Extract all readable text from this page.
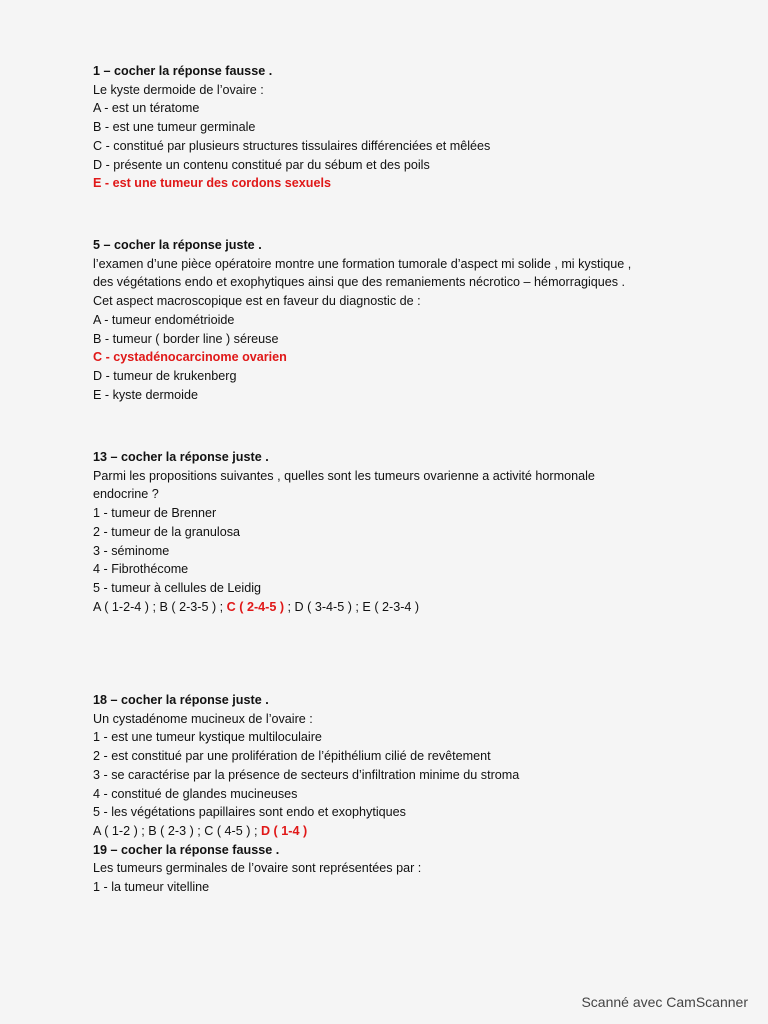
1 – cocher la réponse fausse .
Le kyste dermoide de l’ovaire :
A - est un tératome
B - est une tumeur germinale
C - constitué par plusieurs structures tissulaires différenciées et mêlées
D - présente un contenu constitué par du sébum et des poils
E - est une tumeur des cordons sexuels
5 – cocher la réponse juste .
l’examen d’une pièce opératoire montre une formation tumorale d’aspect mi solide , mi kystique ,
des végétations endo et exophytiques ainsi que des remaniements nécrotico – hémorragiques .
Cet aspect macroscopique est en faveur du diagnostic de :
A - tumeur endométrioide
B - tumeur ( border line ) séreuse
C - cystadénocarcinome ovarien
D - tumeur de krukenberg
E - kyste dermoide
13 – cocher la réponse juste .
Parmi les propositions suivantes , quelles sont les tumeurs ovarienne a activité hormonale
endocrine ?
1 - tumeur de Brenner
2 - tumeur de la granulosa
3 - séminome
4 - Fibrothécome
5 - tumeur à cellules de Leidig
A ( 1-2-4 ) ; B ( 2-3-5 ) ; C ( 2-4-5 ) ; D ( 3-4-5 ) ; E ( 2-3-4 )
18 – cocher la réponse juste .
Un cystadénome mucineux de l’ovaire :
1 - est une tumeur kystique multiloculaire
2 - est constitué par une prolifération de l’épithélium cilié de revêtement
3 - se caractérise par la présence de secteurs d’infiltration minime du stroma
4 - constitué de glandes mucineuses
5 - les végétations papillaires sont endo et exophytiques
A ( 1-2 ) ; B ( 2-3 ) ; C ( 4-5 ) ; D ( 1-4 )
19 – cocher la réponse fausse .
Les tumeurs germinales de l’ovaire sont représentées par :
1 - la tumeur vitelline
Scanné avec CamScanner
